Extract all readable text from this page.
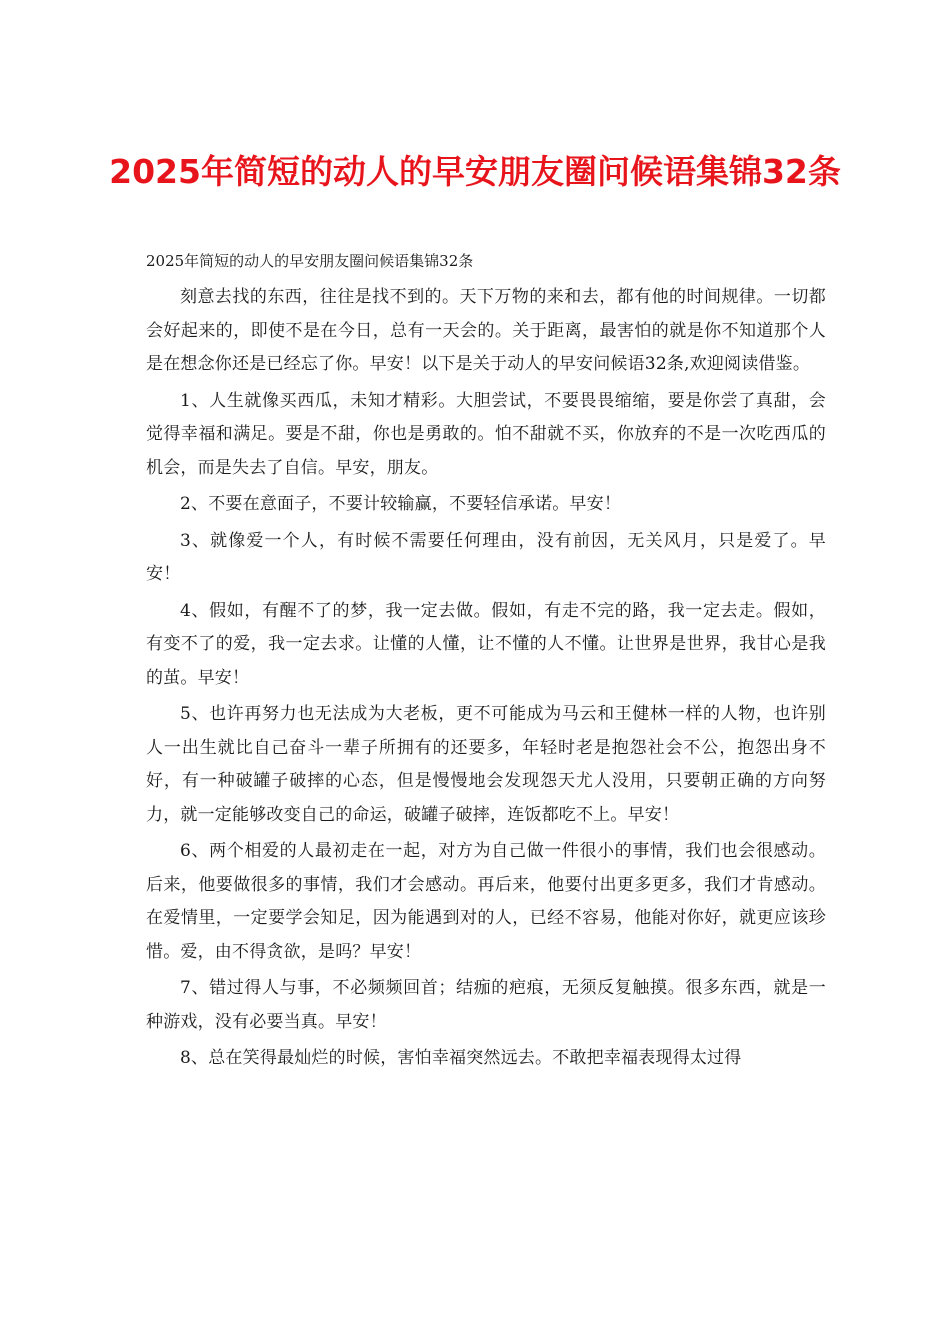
2025年简短的动人的早安朋友圈问候语集锦32条

2025年简短的动人的早安朋友圈问候语集锦32条

刻意去找的东西，往往是找不到的。天下万物的来和去，都有他的时间规律。一切都会好起来的，即使不是在今日，总有一天会的。关于距离，最害怕的就是你不知道那个人是在想念你还是已经忘了你。早安！以下是关于动人的早安问候语32条,欢迎阅读借鉴。

1、人生就像买西瓜，未知才精彩。大胆尝试，不要畏畏缩缩，要是你尝了真甜，会觉得幸福和满足。要是不甜，你也是勇敢的。怕不甜就不买，你放弃的不是一次吃西瓜的机会，而是失去了自信。早安，朋友。

2、不要在意面子，不要计较输赢，不要轻信承诺。早安！

3、就像爱一个人，有时候不需要任何理由，没有前因，无关风月，只是爱了。早安！

4、假如，有醒不了的梦，我一定去做。假如，有走不完的路，我一定去走。假如，有变不了的爱，我一定去求。让懂的人懂，让不懂的人不懂。让世界是世界，我甘心是我的茧。早安！

5、也许再努力也无法成为大老板，更不可能成为马云和王健林一样的人物，也许别人一出生就比自己奋斗一辈子所拥有的还要多，年轻时老是抱怨社会不公，抱怨出身不好，有一种破罐子破摔的心态，但是慢慢地会发现怨天尤人没用，只要朝正确的方向努力，就一定能够改变自己的命运，破罐子破摔，连饭都吃不上。早安！

6、两个相爱的人最初走在一起，对方为自己做一件很小的事情，我们也会很感动。后来，他要做很多的事情，我们才会感动。再后来，他要付出更多更多，我们才肯感动。在爱情里，一定要学会知足，因为能遇到对的人，已经不容易，他能对你好，就更应该珍惜。爱，由不得贪欲，是吗？早安！

7、错过得人与事，不必频频回首；结痂的疤痕，无须反复触摸。很多东西，就是一种游戏，没有必要当真。早安！

8、总在笑得最灿烂的时候，害怕幸福突然远去。不敢把幸福表现得太过得
